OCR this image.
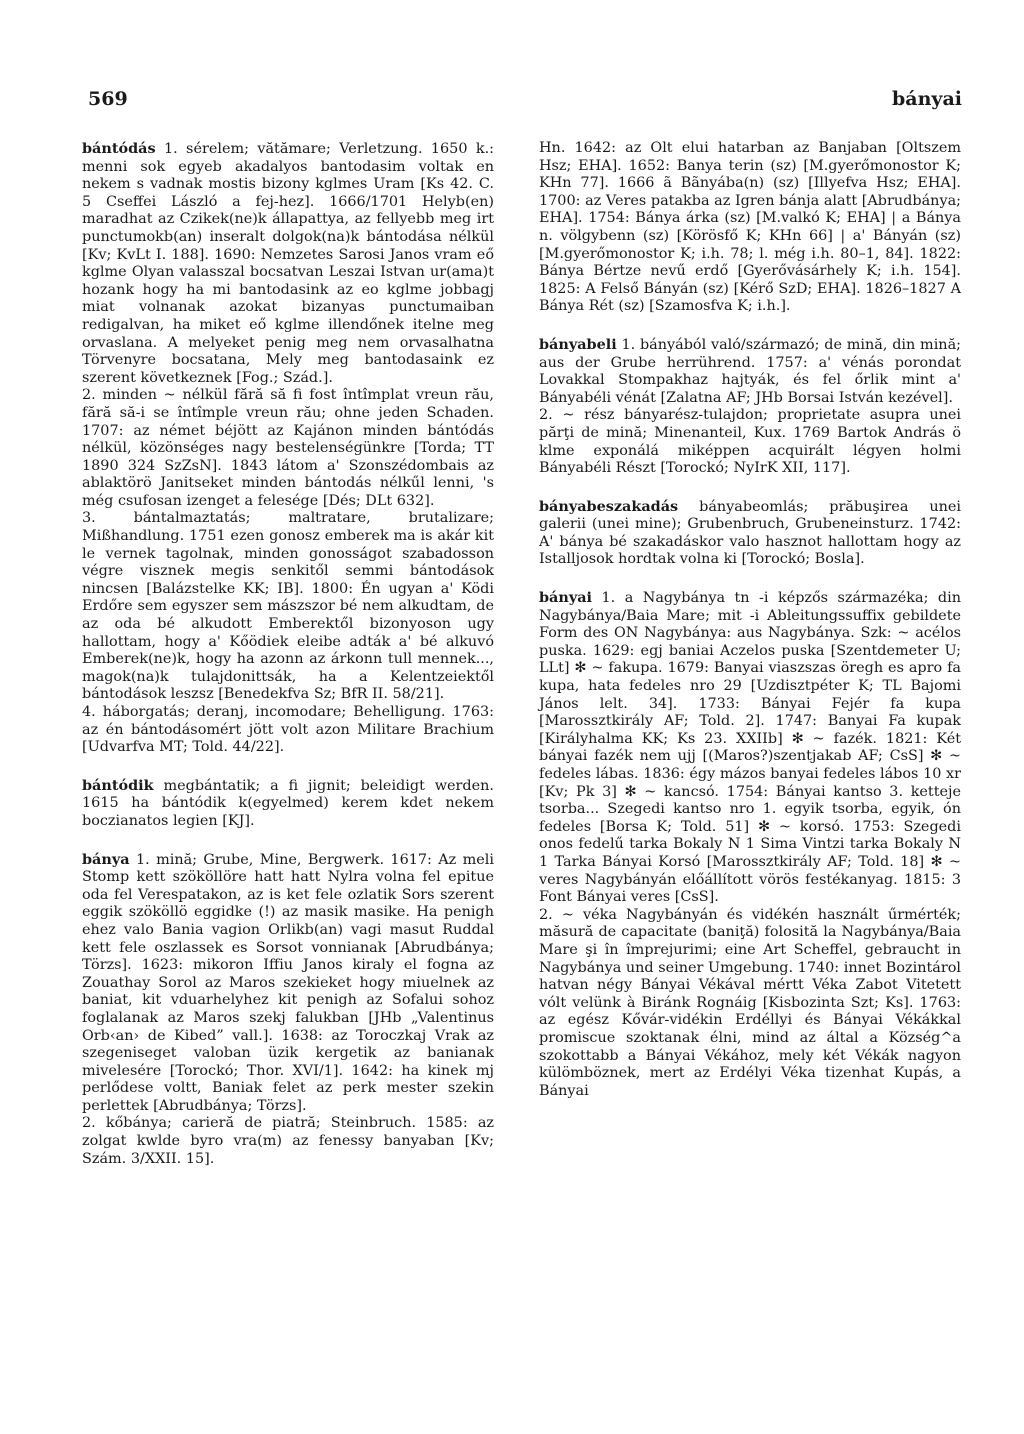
569	bányai

bántódás 1. sérelem; vătămare; Verletzung. 1650 k.: menni sok egyeb akadalyos bantodasim voltak en nekem s vadnak mostis bizony kglmes Uram [Ks 42. C. 5 Cseffei László a fej-hez]. 1666/1701 Helyb(en) maradhat az Czikek(ne)k állapattya, az fellyebb meg irt punctumokb(an) inseralt dolgok(na)k bántodása nélkül [Kv; KvLt I. 188]. 1690: Nemzetes Sarosi Janos vram eő kglme Olyan valasszal bocsatvan Leszai Istvan ur(ama)t hozank hogy ha mi bantodasink az eo kglme jobbagj miat volnanak azokat bizanyas punctumaiban redigalvan, ha miket eő kglme illendőnek itelne meg orvaslana. A melyeket penig meg nem orvasalhatna Törvenyre bocsatana, Mely meg bantodasaink ez szerent következnek [Fog.; Szád.].

2. minden ~ nélkül fără să fi fost întîmplat vreun rău, fără să-i se întîmple vreun rău; ohne jeden Schaden. 1707: az német béjött az Kajánon minden bántódás nélkül, közönséges nagy bestelenségünkre [Torda; TT 1890 324 SzZsN]. 1843 látom a' Szonszédombais az ablaktörö Janitseket minden bántodás nélkűl lenni, 's még csufosan izenget a felesége [Dés; DLt 632].

3. bántalmaztatás; maltratare, brutalizare; Mißhandlung. 1751 ezen gonosz emberek ma is akár kit le vernek tagolnak, minden gonosságot szabadosson végre visznek megis senkitől semmi bántodások nincsen [Balázstelke KK; IB]. 1800: Én ugyan a' Ködi Erdőre sem egyszer sem mászszor bé nem alkudtam, de az oda bé alkudott Emberektől bizonyoson ugy hallottam, hogy a' Kőödiek eleibe adták a' bé alkuvó Emberek(ne)k, hogy ha azonn az árkonn tull mennek..., magok(na)k tulajdonittsák, ha a Kelentzeiektől bántodások leszsz [Benedekfva Sz; BfR II. 58/21].

4. háborgatás; deranj, incomodare; Behelligung. 1763: az én bántodásomért jött volt azon Militare Brachium [Udvarfva MT; Told. 44/22].

bántódik megbántatik; a fi jignit; beleidigt werden. 1615 ha bántódik k(egyelmed) kerem kdet nekem boczianatos legien [KJ].

bánya 1. mină; Grube, Mine, Bergwerk. 1617: Az meli Stomp kett szököllöre hatt hatt Nylra volna fel epitue oda fel Verespatakon, az is ket fele ozlatik Sors szerent eggik szököllö eggidke (!) az masik masike. Ha penigh ehez valo Bania vagion Orlikb(an) vagi masut Ruddal kett fele oszlassek es Sorsot vonnianak [Abrudbánya; Törzs]. 1623: mikoron Iffiu Janos kiraly el fogna az Zouathay Sorol az Maros szekieket hogy miuelnek az baniat, kit vduarhelyhez kit penigh az Sofalui sohoz foglalanak az Maros szekj falukban [JHb „Valentinus Orb‹an› de Kibed” vall.]. 1638: az Toroczkaj Vrak az szegeniseget valoban üzik kergetik az banianak mivelesére [Torockó; Thor. XVI/1]. 1642: ha kinek mj perlődese voltt, Baniak felet az perk mester szekin perlettek [Abrudbánya; Törzs].

2. kőbánya; carieră de piatră; Steinbruch. 1585: az zolgat kwlde byro vra(m) az fenessy banyaban [Kv; Szám. 3/XXII. 15].

Hn. 1642: az Olt elui hatarban az Banjaban [Oltszem Hsz; EHA]. 1652: Banya terin (sz) [M.gyerőmonostor K; KHn 77]. 1666 ã Bãnyába(n) (sz) [Illyefva Hsz; EHA]. 1700: az Veres patakba az Igren bánja alatt [Abrudbánya; EHA]. 1754: Bánya árka (sz) [M.valkó K; EHA] | a Bánya n. völgybenn (sz) [Körösfő K; KHn 66] | a' Bányán (sz) [M.gyerőmonostor K; i.h. 78; l. még i.h. 80–1, 84]. 1822: Bánya Bértze nevű erdő [Gyerővásárhely K; i.h. 154]. 1825: A Felső Bányán (sz) [Kérő SzD; EHA]. 1826–1827 A Bánya Rét (sz) [Szamosfva K; i.h.].

bányabeli 1. bányából való/származó; de mină, din mină; aus der Grube herrührend. 1757: a' vénás porondat Lovakkal Stompakhaz hajtyák, és fel őrlik mint a' Bányabéli vénát [Zalatna AF; JHb Borsai István kezével].

2. ~ rész bányarész-tulajdon; proprietate asupra unei părţi de mină; Minenanteil, Kux. 1769 Bartok András ö klme exponálá miképpen acquirált légyen holmi Bányabéli Részt [Torockó; NyIrK XII, 117].

bányabeszakadás bányabeomlás; prăbuşirea unei galerii (unei mine); Grubenbruch, Grubeneinsturz. 1742: A' bánya bé szakadáskor valo hasznot hallottam hogy az Istalljosok hordtak volna ki [Torockó; Bosla].

bányai 1. a Nagybánya tn -i képzős származéka; din Nagybánya/Baia Mare; mit -i Ableitungssuffix gebildete Form des ON Nagybánya: aus Nagybánya. Szk: ~ acélos puska. 1629: egj baniai Aczelos puska [Szentdemeter U; LLt] ✻ ~ fakupa. 1679: Banyai viaszszas öregh es apro fa kupa, hata fedeles nro 29 [Uzdisztpéter K; TL Bajomi János lelt. 34]. 1733: Bányai Fejér fa kupa [Marossztkirály AF; Told. 2]. 1747: Banyai Fa kupak [Királyhalma KK; Ks 23. XXIIb] ✻ ~ fazék. 1821: Két bányai fazék nem ujj [(Maros?)szentjakab AF; CsS] ✻ ~ fedeles lábas. 1836: égy mázos banyai fedeles lábos 10 xr [Kv; Pk 3] ✻ ~ kancsó. 1754: Bányai kantso 3. ketteje tsorba... Szegedi kantso nro 1. egyik tsorba, egyik, ón fedeles [Borsa K; Told. 51] ✻ ~ korsó. 1753: Szegedi onos fedelű tarka Bokaly N 1 Sima Vintzi tarka Bokaly N 1 Tarka Bányai Korsó [Marossztkirály AF; Told. 18] ✻ ~ veres Nagybányán előállított vörös festékanyag. 1815: 3 Font Bányai veres [CsS].

2. ~ véka Nagybányán és vidékén használt űrmérték; măsură de capacitate (baniţă) folosită la Nagybánya/Baia Mare şi în împrejurimi; eine Art Scheffel, gebraucht in Nagybánya und seiner Umgebung. 1740: innet Bozintárol hatvan négy Bányai Vékával mértt Véka Zabot Vitetett vólt velünk à Biránk Rognáig [Kisbozinta Szt; Ks]. 1763: az egész Kővár-vidékin Erdéllyi és Bányai Vékákkal promiscue szoktanak élni, mind az által a Község^a szokottabb a Bányai Vékához, mely két Vékák nagyon külömböznek, mert az Erdélyi Véka tizenhat Kupás, a Bányai
